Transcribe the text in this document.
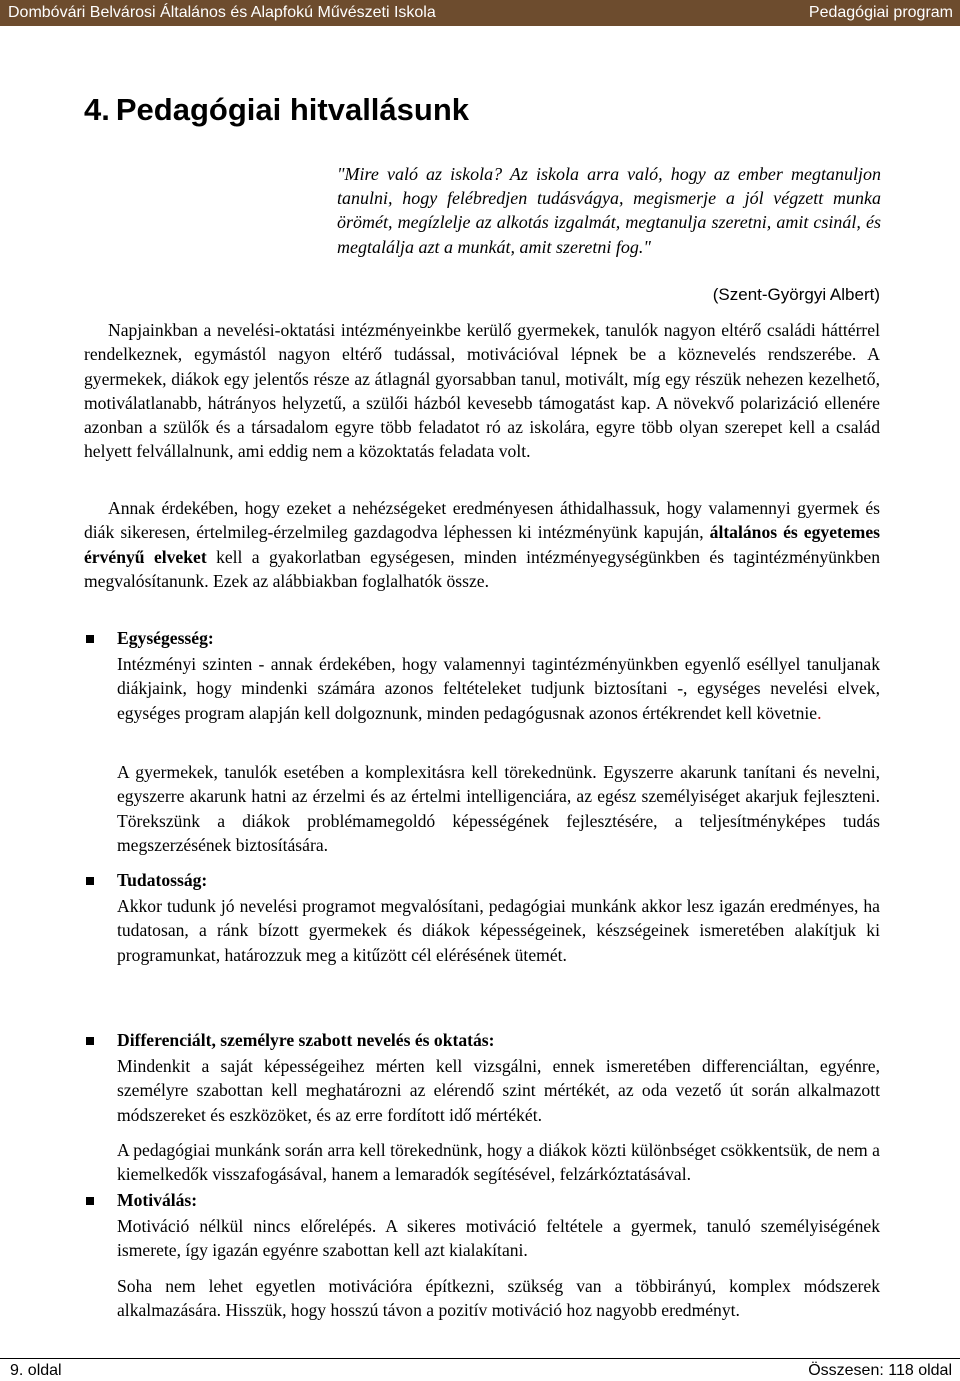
Dombóvári Belvárosi Általános és Alapfokú Művészeti Iskola	Pedagógiai program
4. Pedagógiai hitvallásunk

"Mire való az iskola? Az iskola arra való, hogy az ember megtanuljon tanulni, hogy felébredjen tudásvágya, megismerje a jól végzett munka örömét, megízlelje az alkotás izgalmát, megtanulja szeretni, amit csinál, és megtalálja azt a munkát, amit szeretni fog."

(Szent-Györgyi Albert)

Napjainkban a nevelési-oktatási intézményeinkbe kerülő gyermekek, tanulók nagyon eltérő családi háttérrel rendelkeznek, egymástól nagyon eltérő tudással, motivációval lépnek be a köznevelés rendszerébe. A gyermekek, diákok egy jelentős része az átlagnál gyorsabban tanul, motivált, míg egy részük nehezen kezelhető, motiválatlanabb, hátrányos helyzetű, a szülői házból kevesebb támogatást kap. A növekvő polarizáció ellenére azonban a szülők és a társadalom egyre több feladatot ró az iskolára, egyre több olyan szerepet kell a család helyett felvállalnunk, ami eddig nem a közoktatás feladata volt.

Annak érdekében, hogy ezeket a nehézségeket eredményesen áthidalhassuk, hogy valamennyi gyermek és diák sikeresen, értelmileg-érzelmileg gazdagodva léphessen ki intézményünk kapuján, általános és egyetemes érvényű elveket kell a gyakorlatban egységesen, minden intézményegységünkben és tagintézményünkben megvalósítanunk. Ezek az alábbiakban foglalhatók össze.

Egységesség:

Intézményi szinten - annak érdekében, hogy valamennyi tagintézményünkben egyenlő eséllyel tanuljanak diákjaink, hogy mindenki számára azonos feltételeket tudjunk biztosítani -, egységes nevelési elvek, egységes program alapján kell dolgoznunk, minden pedagógusnak azonos értékrendet kell követnie.

A gyermekek, tanulók esetében a komplexitásra kell törekednünk. Egyszerre akarunk tanítani és nevelni, egyszerre akarunk hatni az érzelmi és az értelmi intelligenciára, az egész személyiséget akarjuk fejleszteni. Törekszünk a diákok problémamegoldó képességének fejlesztésére, a teljesítményképes tudás megszerzésének biztosítására.

Tudatosság:

Akkor tudunk jó nevelési programot megvalósítani, pedagógiai munkánk akkor lesz igazán eredményes, ha tudatosan, a ránk bízott gyermekek és diákok képességeinek, készségeinek ismeretében alakítjuk ki programunkat, határozzuk meg a kitűzött cél elérésének ütemét.

Differenciált, személyre szabott nevelés és oktatás:

Mindenkit a saját képességeihez mérten kell vizsgálni, ennek ismeretében differenciáltan, egyénre, személyre szabottan kell meghatározni az elérendő szint mértékét, az oda vezető út során alkalmazott módszereket és eszközöket, és az erre fordított idő mértékét.

A pedagógiai munkánk során arra kell törekednünk, hogy a diákok közti különbséget csökkentsük, de nem a kiemelkedők visszafogásával, hanem a lemaradók segítésével, felzárkóztatásával.

Motiválás:

Motiváció nélkül nincs előrelépés. A sikeres motiváció feltétele a gyermek, tanuló személyiségének ismerete, így igazán egyénre szabottan kell azt kialakítani.

Soha nem lehet egyetlen motivációra építkezni, szükség van a többirányú, komplex módszerek alkalmazására. Hisszük, hogy hosszú távon a pozitív motiváció hoz nagyobb eredményt.

9. oldal	Összesen: 118 oldal
